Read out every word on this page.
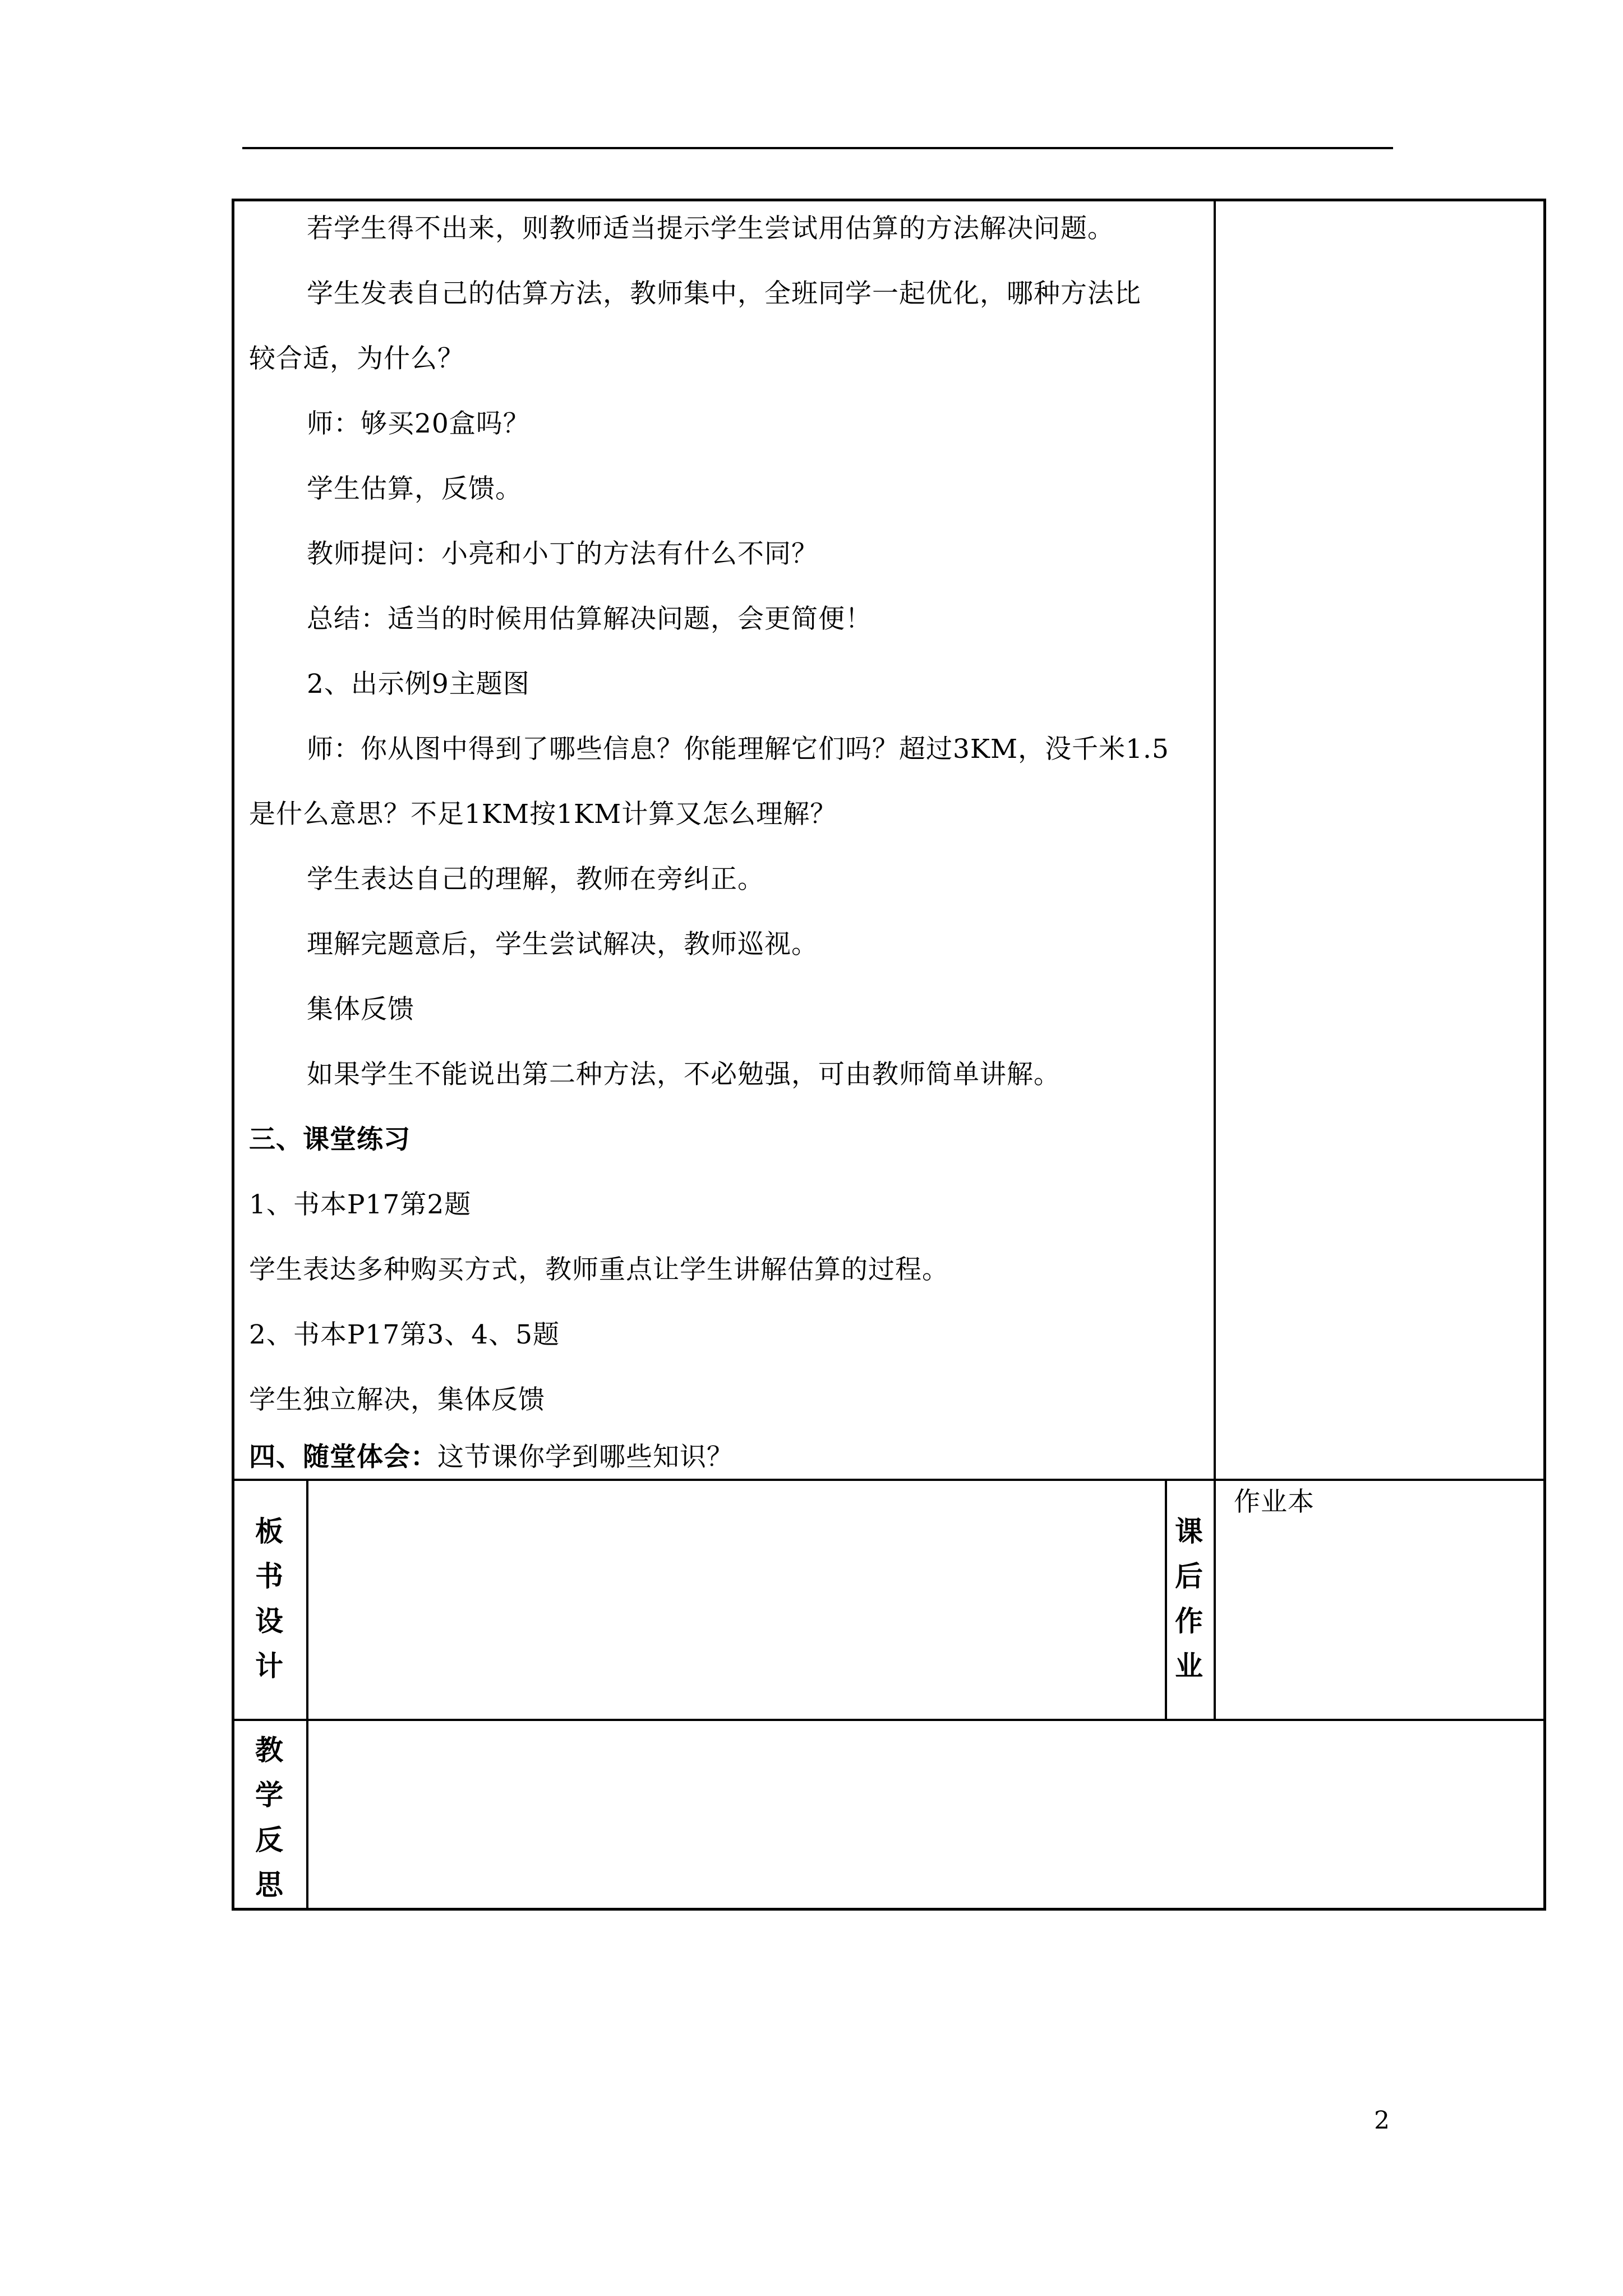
若学生得不出来，则教师适当提示学生尝试用估算的方法解决问题。
学生发表自己的估算方法，教师集中，全班同学一起优化，哪种方法比
较合适，为什么？
师：够买20盒吗？
学生估算，反馈。
教师提问：小亮和小丁的方法有什么不同？
总结：适当的时候用估算解决问题，会更简便！
2、出示例9主题图
师：你从图中得到了哪些信息？你能理解它们吗？超过3KM，没千米1.5
是什么意思？不足1KM按1KM计算又怎么理解？
学生表达自己的理解，教师在旁纠正。
理解完题意后，学生尝试解决，教师巡视。
集体反馈
如果学生不能说出第二种方法，不必勉强，可由教师简单讲解。
三、课堂练习
1、书本P17第2题
学生表达多种购买方式，教师重点让学生讲解估算的过程。
2、书本P17第3、4、5题
学生独立解决，集体反馈
四、随堂体会：这节课你学到哪些知识？
板
书
设
计
课
后
作
业
作业本
教
学
反
思
2
